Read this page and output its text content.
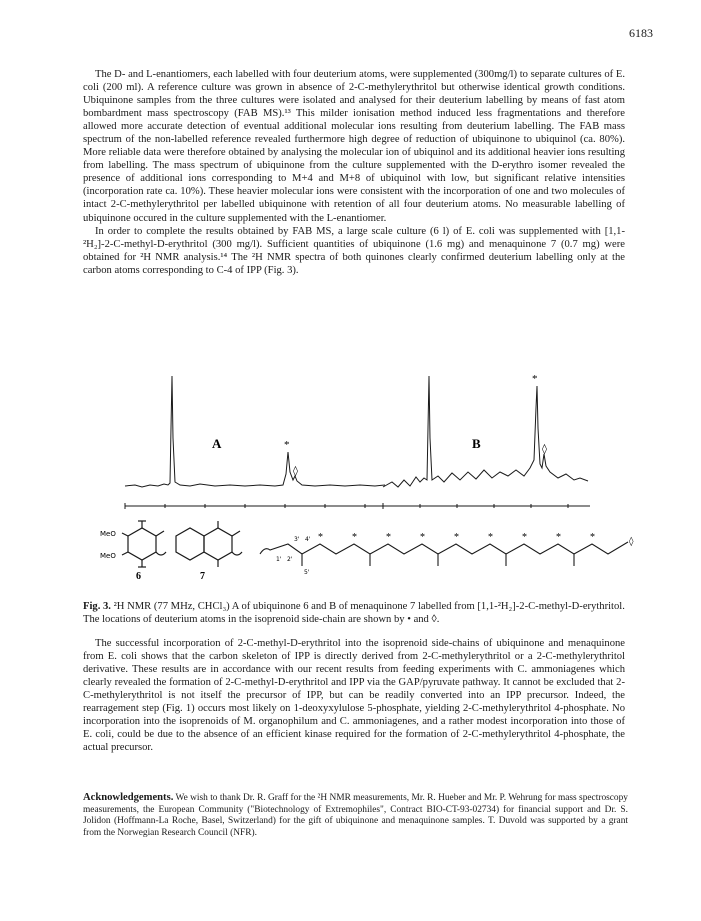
6183

The D- and L-enantiomers, each labelled with four deuterium atoms, were supplemented (300mg/l) to separate cultures of E. coli (200 ml). A reference culture was grown in absence of 2-C-methylerythritol but otherwise identical growth conditions. Ubiquinone samples from the three cultures were isolated and analysed for their deuterium labelling by means of fast atom bombardment mass spectroscopy (FAB MS).¹³ This milder ionisation method induced less fragmentations and therefore allowed more accurate detection of eventual additional molecular ions resulting from deuterium labelling. The FAB mass spectrum of the non-labelled reference revealed furthermore high degree of reduction of ubiquinone to ubiquinol (ca. 80%). More reliable data were therefore obtained by analysing the molecular ion of ubiquinol and its additional heavier ions resulting from labelling. The mass spectrum of ubiquinone from the culture supplemented with the D-erythro isomer revealed the presence of additional ions corresponding to M+4 and M+8 of ubiquinol with low, but significant relative intensities (incorporation rate ca. 10%). These heavier molecular ions were consistent with the incorporation of one and two molecules of intact 2-C-methylerythritol per labelled ubiquinone with retention of all four deuterium atoms. No measurable labelling of ubiquinone occured in the culture supplemented with the L-enantiomer.

In order to complete the results obtained by FAB MS, a large scale culture (6 l) of E. coli was supplemented with [1,1-²H₂]-2-C-methyl-D-erythritol (300 mg/l). Sufficient quantities of ubiquinone (1.6 mg) and menaquinone 7 (0.7 mg) were obtained for ²H NMR analysis.¹⁴ The ²H NMR spectra of both quinones clearly confirmed deuterium labelling only at the carbon atoms corresponding to C-4 of IPP (Fig. 3).

A	*
◊
B
*
◊
MeO
MeO
6	7
1' 2'
3' 4'
5'
*	*	*	*	*	*	*	*	*	◊
Fig. 3. ²H NMR (77 MHz, CHCl₃) A of ubiquinone 6 and B of menaquinone 7 labelled from [1,1-²H₂]-2-C-methyl-D-erythritol. The locations of deuterium atoms in the isoprenoid side-chain are shown by • and ◊.

The successful incorporation of 2-C-methyl-D-erythritol into the isoprenoid side-chains of ubiquinone and menaquinone from E. coli shows that the carbon skeleton of IPP is directly derived from 2-C-methylerythritol or a 2-C-methylerythritol derivative. These results are in accordance with our recent results from feeding experiments with C. ammoniagenes which clearly revealed the formation of 2-C-methyl-D-erythritol and IPP via the GAP/pyruvate pathway. It cannot be excluded that 2-C-methylerythritol is not itself the precursor of IPP, but can be readily converted into an IPP precursor. Indeed, the rearragement step (Fig. 1) occurs most likely on 1-deoxyxylulose 5-phosphate, yielding 2-C-methylerythritol 4-phosphate. No incorporation into the isoprenoids of M. organophilum and C. ammoniagenes, and a rather modest incorporation into those of E. coli, could be due to the absence of an efficient kinase required for the formation of 2-C-methylerythritol 4-phosphate, the actual precursor.

Acknowledgements. We wish to thank Dr. R. Graff for the ²H NMR measurements, Mr. R. Hueber and Mr. P. Wehrung for mass spectroscopy measurements, the European Community ("Biotechnology of Extremophiles", Contract BIO-CT-93-02734) for financial support and Dr. S. Jolidon (Hoffmann-La Roche, Basel, Switzerland) for the gift of ubiquinone and menaquinone samples. T. Duvold was supported by a grant from the Norwegian Research Council (NFR).
